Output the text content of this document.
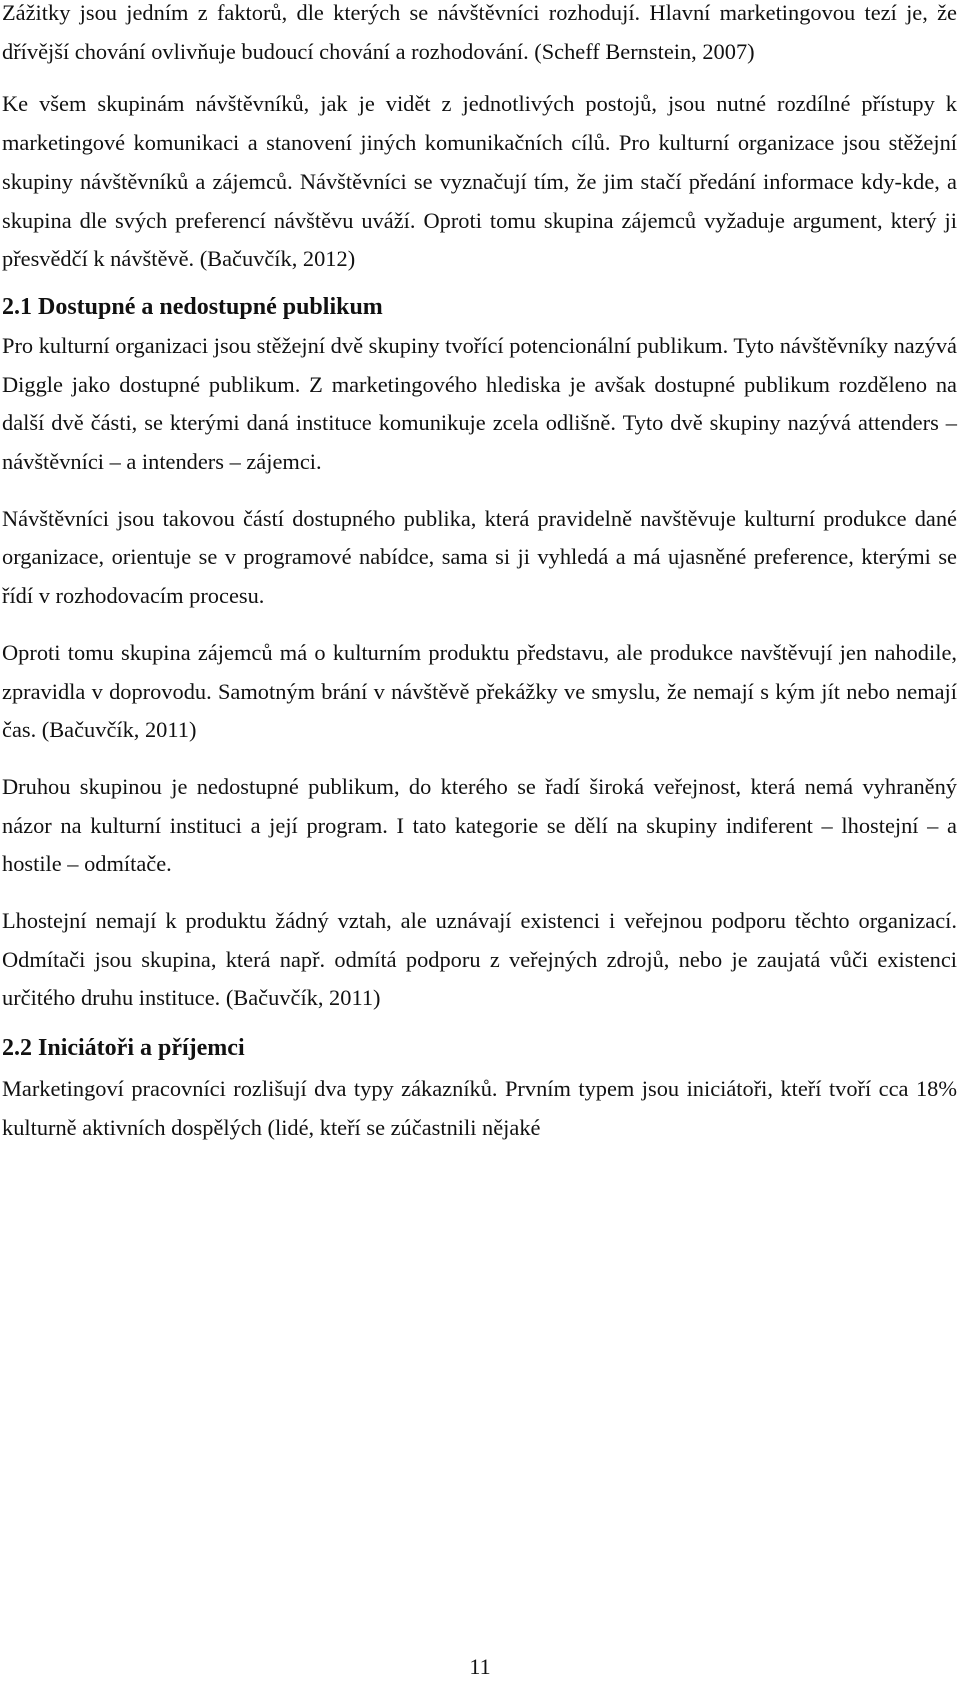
Zážitky jsou jedním z faktorů, dle kterých se návštěvníci rozhodují. Hlavní marketingovou tezí je, že dřívější chování ovlivňuje budoucí chování a rozhodování. (Scheff Bernstein, 2007)

Ke všem skupinám návštěvníků, jak je vidět z jednotlivých postojů, jsou nutné rozdílné přístupy k marketingové komunikaci a stanovení jiných komunikačních cílů. Pro kulturní organizace jsou stěžejní skupiny návštěvníků a zájemců. Návštěvníci se vyznačují tím, že jim stačí předání informace kdy-kde, a skupina dle svých preferencí návštěvu uváží. Oproti tomu skupina zájemců vyžaduje argument, který ji přesvědčí k návštěvě. (Bačuvčík, 2012)

2.1 Dostupné a nedostupné publikum

Pro kulturní organizaci jsou stěžejní dvě skupiny tvořící potencionální publikum. Tyto návštěvníky nazývá Diggle jako dostupné publikum. Z marketingového hlediska je avšak dostupné publikum rozděleno na další dvě části, se kterými daná instituce komunikuje zcela odlišně. Tyto dvě skupiny nazývá attenders – návštěvníci – a intenders – zájemci.

Návštěvníci jsou takovou částí dostupného publika, která pravidelně navštěvuje kulturní produkce dané organizace, orientuje se v programové nabídce, sama si ji vyhledá a má ujasněné preference, kterými se řídí v rozhodovacím procesu.

Oproti tomu skupina zájemců má o kulturním produktu představu, ale produkce navštěvují jen nahodile, zpravidla v doprovodu. Samotným brání v návštěvě překážky ve smyslu, že nemají s kým jít nebo nemají čas. (Bačuvčík, 2011)

Druhou skupinou je nedostupné publikum, do kterého se řadí široká veřejnost, která nemá vyhraněný názor na kulturní instituci a její program. I tato kategorie se dělí na skupiny indiferent – lhostejní – a hostile – odmítače.

Lhostejní nemají k produktu žádný vztah, ale uznávají existenci i veřejnou podporu těchto organizací. Odmítači jsou skupina, která např. odmítá podporu z veřejných zdrojů, nebo je zaujatá vůči existenci určitého druhu instituce. (Bačuvčík, 2011)

2.2 Iniciátoři a příjemci

Marketingoví pracovníci rozlišují dva typy zákazníků. Prvním typem jsou iniciátoři, kteří tvoří cca 18% kulturně aktivních dospělých (lidé, kteří se zúčastnili nějaké

11
